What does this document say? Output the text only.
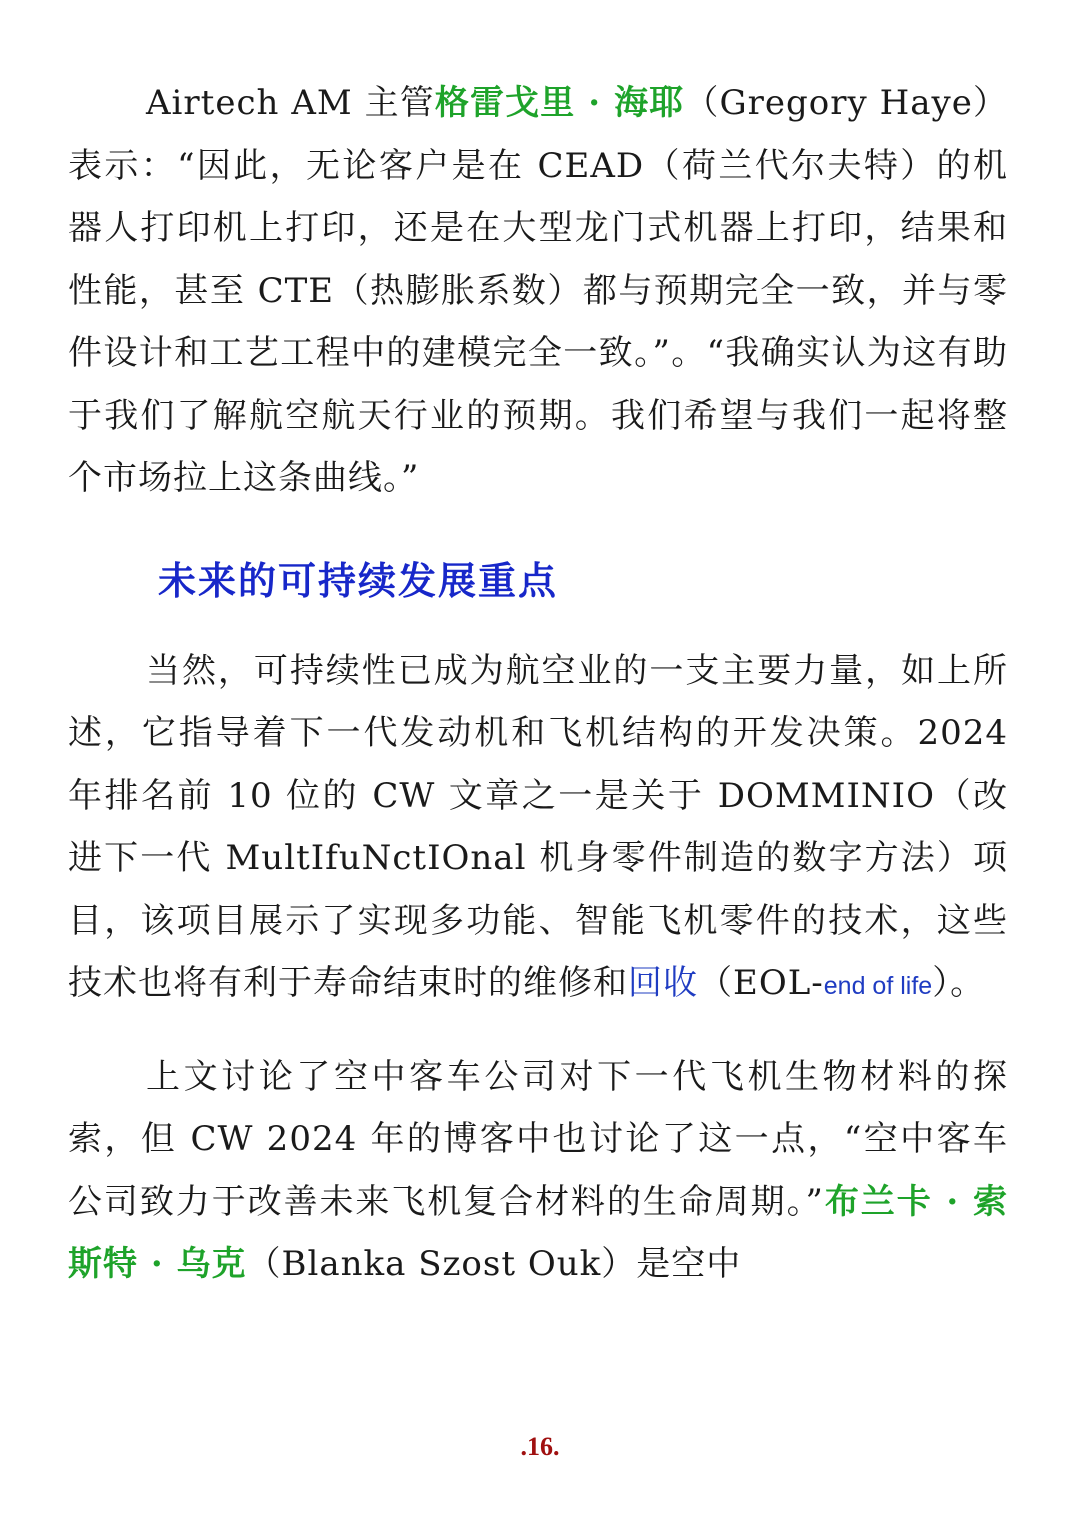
Airtech AM 主管格雷戈里 · 海耶（Gregory Haye）表示：“因此，无论客户是在 CEAD（荷兰代尔夫特）的机器人打印机上打印，还是在大型龙门式机器上打印，结果和性能，甚至 CTE（热膨胀系数）都与预期完全一致，并与零件设计和工艺工程中的建模完全一致。”。“我确实认为这有助于我们了解航空航天行业的预期。我们希望与我们一起将整个市场拉上这条曲线。”

未来的可持续发展重点

当然，可持续性已成为航空业的一支主要力量，如上所述，它指导着下一代发动机和飞机结构的开发决策。2024 年排名前 10 位的 CW 文章之一是关于 DOMMINIO（改进下一代 MultIfuNctIOnal 机身零件制造的数字方法）项目，该项目展示了实现多功能、智能飞机零件的技术，这些技术也将有利于寿命结束时的维修和回收（EOL-end of life）。

上文讨论了空中客车公司对下一代飞机生物材料的探索，但 CW 2024 年的博客中也讨论了这一点，“空中客车公司致力于改善未来飞机复合材料的生命周期。”布兰卡 · 索斯特 · 乌克（Blanka Szost Ouk）是空中

.16.
